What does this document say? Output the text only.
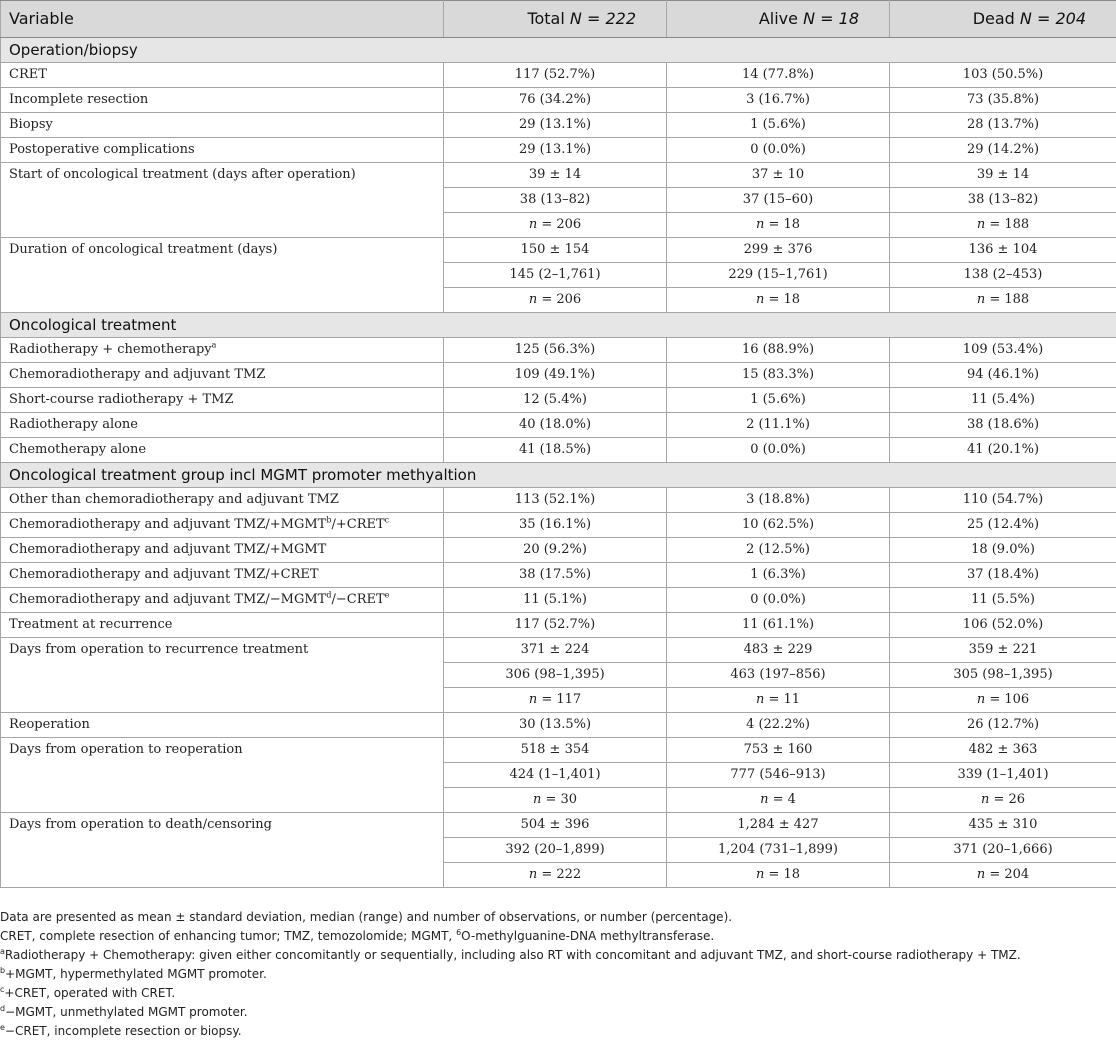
Variable	Total N = 222	Alive N = 18	Dead N = 204
Operation/biopsy			
CRET	117 (52.7%)	14 (77.8%)	103 (50.5%)
Incomplete resection	76 (34.2%)	3 (16.7%)	73 (35.8%)
Biopsy	29 (13.1%)	1 (5.6%)	28 (13.7%)
Postoperative complications	29 (13.1%)	0 (0.0%)	29 (14.2%)
Start of oncological treatment (days after operation)	39 ± 14	37 ± 10	39 ± 14
	38 (13–82)	37 (15–60)	38 (13–82)
	n = 206	n = 18	n = 188
Duration of oncological treatment (days)	150 ± 154	299 ± 376	136 ± 104
	145 (2–1,761)	229 (15–1,761)	138 (2–453)
	n = 206	n = 18	n = 188
Oncological treatment			
Radiotherapy + chemotherapy$^a$	125 (56.3%)	16 (88.9%)	109 (53.4%)
Chemoradiotherapy and adjuvant TMZ	109 (49.1%)	15 (83.3%)	94 (46.1%)
Short-course radiotherapy + TMZ	12 (5.4%)	1 (5.6%)	11 (5.4%)
Radiotherapy alone	40 (18.0%)	2 (11.1%)	38 (18.6%)
Chemotherapy alone	41 (18.5%)	0 (0.0%)	41 (20.1%)
Oncological treatment group incl MGMT promoter methyaltion			
Other than chemoradiotherapy and adjuvant TMZ	113 (52.1%)	3 (18.8%)	110 (54.7%)
Chemoradiotherapy and adjuvant TMZ/$+MGMT^b/+CRET^c$	35 (16.1%)	10 (62.5%)	25 (12.4%)
Chemoradiotherapy and adjuvant TMZ/+MGMT	20 (9.2%)	2 (12.5%)	18 (9.0%)
Chemoradiotherapy and adjuvant TMZ/+CRET	38 (17.5%)	1 (6.3%)	37 (18.4%)
Chemoradiotherapy and adjuvant TMZ/$-MGMT^d/-CRET^e$	11 (5.1%)	0 (0.0%)	11 (5.5%)
Treatment at recurrence	117 (52.7%)	11 (61.1%)	106 (52.0%)
Days from operation to recurrence treatment	371 ± 224	483 ± 229	359 ± 221
	306 (98–1,395)	463 (197–856)	305 (98–1,395)
	n = 117	n = 11	n = 106
Reoperation	30 (13.5%)	4 (22.2%)	26 (12.7%)
Days from operation to reoperation	518 ± 354	753 ± 160	482 ± 363
	424 (1–1,401)	777 (546–913)	339 (1–1,401)
	n = 30	n = 4	n = 26
Days from operation to death/censoring	504 ± 396	1,284 ± 427	435 ± 310
	392 (20–1,899)	1,204 (731–1,899)	371 (20–1,666)
	n = 222	n = 18	n = 204
Data are presented as mean ± standard deviation, median (range) and number of observations, or number (percentage).
CRET, complete resection of enhancing tumor; TMZ, temozolomide; MGMT, $^6$O-methylguanine-DNA methyltransferase.
$^a$Radiotherapy + Chemotherapy: given either concomitantly or sequentially, including also RT with concomitant and adjuvant TMZ, and short-course radiotherapy + TMZ.
$^b$+MGMT, hypermethylated MGMT promoter.
$^c$+CRET, operated with CRET.
$^d$−MGMT, unmethylated MGMT promoter.
$^e$−CRET, incomplete resection or biopsy.
